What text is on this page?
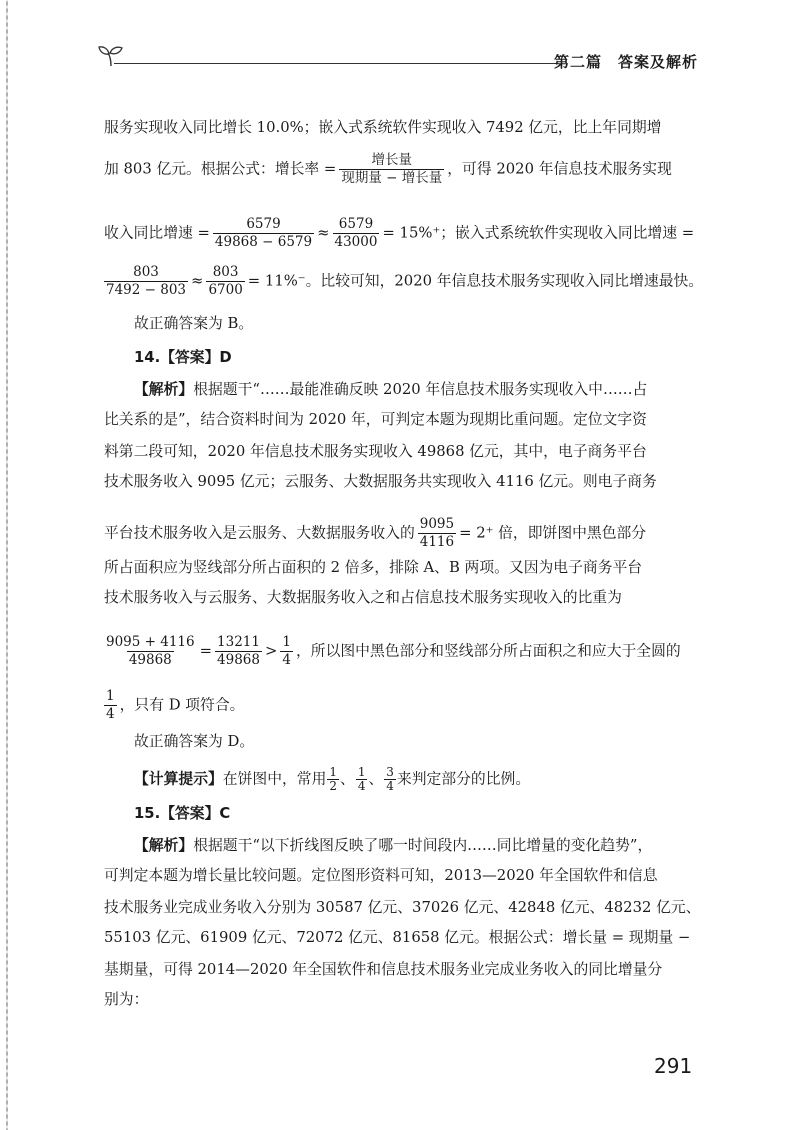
第二篇　答案及解析
服务实现收入同比增长 10.0%；嵌入式系统软件实现收入 7492 亿元，比上年同期增
加 803 亿元。根据公式：增长率 = $\frac{\text{增长量}}{\text{现期量 − 增长量}}$ ，可得 2020 年信息技术服务实现
收入同比增速 = $\frac{6579}{49868 - 6579} \approx \frac{6579}{43000} = 15\%^+$；嵌入式系统软件实现收入同比增速 =
$\frac{803}{7492 - 803} \approx \frac{803}{6700} = 11\%^-$。比较可知，2020 年信息技术服务实现收入同比增速最快。
故正确答案为 B。
14.【答案】D
【解析】根据题干“……最能准确反映 2020 年信息技术服务实现收入中……占
比关系的是”，结合资料时间为 2020 年，可判定本题为现期比重问题。定位文字资
料第二段可知，2020 年信息技术服务实现收入 49868 亿元，其中，电子商务平台
技术服务收入 9095 亿元；云服务、大数据服务共实现收入 4116 亿元。则电子商务
平台技术服务收入是云服务、大数据服务收入的 $\frac{9095}{4116} = 2^+$ 倍，即饼图中黑色部分
所占面积应为竖线部分所占面积的 2 倍多，排除 A、B 两项。又因为电子商务平台
技术服务收入与云服务、大数据服务收入之和占信息技术服务实现收入的比重为
$\frac{9095 + 4116}{49868} = \frac{13211}{49868} > \frac{1}{4}$ ，所以图中黑色部分和竖线部分所占面积之和应大于全圆的
$\frac{1}{4}$ ，只有 D 项符合。
故正确答案为 D。
【计算提示】在饼图中，常用 $\frac{1}{2}$ 、 $\frac{1}{4}$ 、 $\frac{3}{4}$ 来判定部分的比例。
15.【答案】C
【解析】根据题干“以下折线图反映了哪一时间段内……同比增量的变化趋势”，
可判定本题为增长量比较问题。定位图形资料可知，2013—2020 年全国软件和信息
技术服务业完成业务收入分别为 30587 亿元、37026 亿元、42848 亿元、48232 亿元、
55103 亿元、61909 亿元、72072 亿元、81658 亿元。根据公式：增长量 = 现期量 −
基期量，可得 2014—2020 年全国软件和信息技术服务业完成业务收入的同比增量分
别为：
291
